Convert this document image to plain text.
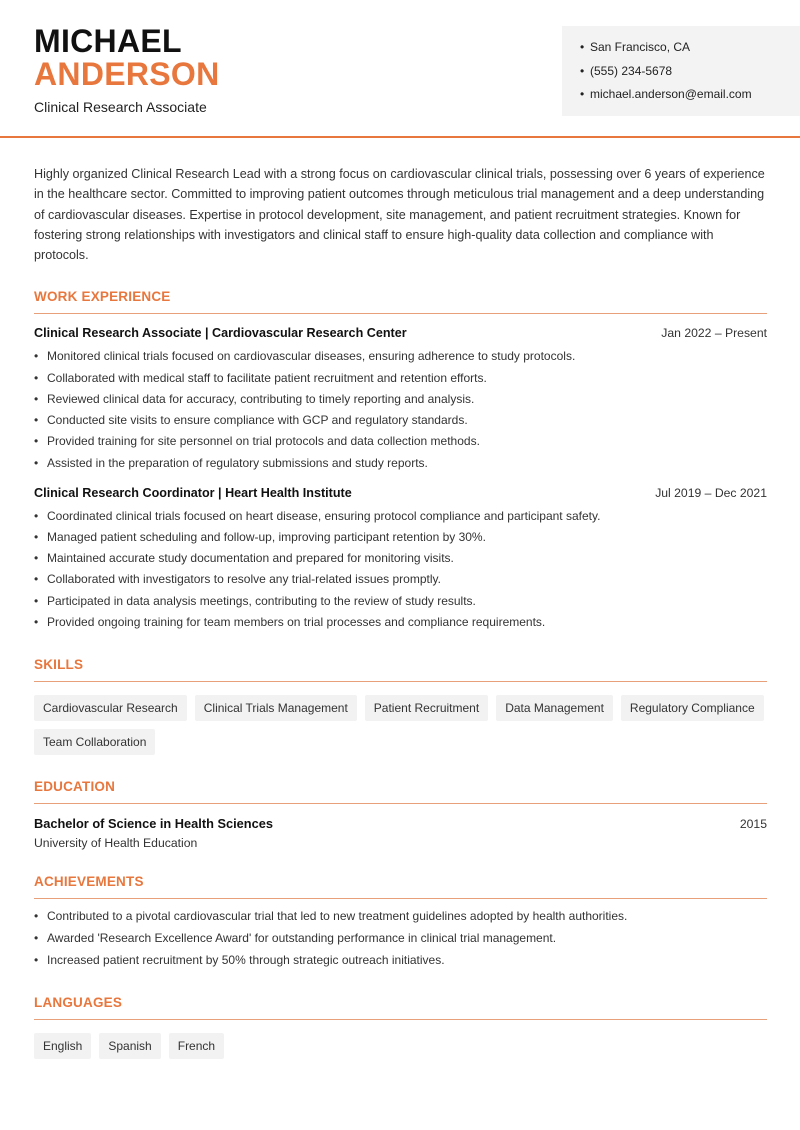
MICHAEL
ANDERSON
Clinical Research Associate
• San Francisco, CA
• (555) 234-5678
• michael.anderson@email.com

Highly organized Clinical Research Lead with a strong focus on cardiovascular clinical trials, possessing over 6 years of experience in the healthcare sector. Committed to improving patient outcomes through meticulous trial management and a deep understanding of cardiovascular diseases. Expertise in protocol development, site management, and patient recruitment strategies. Known for fostering strong relationships with investigators and clinical staff to ensure high-quality data collection and compliance with protocols.

WORK EXPERIENCE
Clinical Research Associate | Cardiovascular Research Center	Jan 2022 – Present
• Monitored clinical trials focused on cardiovascular diseases, ensuring adherence to study protocols.
• Collaborated with medical staff to facilitate patient recruitment and retention efforts.
• Reviewed clinical data for accuracy, contributing to timely reporting and analysis.
• Conducted site visits to ensure compliance with GCP and regulatory standards.
• Provided training for site personnel on trial protocols and data collection methods.
• Assisted in the preparation of regulatory submissions and study reports.
Clinical Research Coordinator | Heart Health Institute	Jul 2019 – Dec 2021
• Coordinated clinical trials focused on heart disease, ensuring protocol compliance and participant safety.
• Managed patient scheduling and follow-up, improving participant retention by 30%.
• Maintained accurate study documentation and prepared for monitoring visits.
• Collaborated with investigators to resolve any trial-related issues promptly.
• Participated in data analysis meetings, contributing to the review of study results.
• Provided ongoing training for team members on trial processes and compliance requirements.
SKILLS
Cardiovascular Research	Clinical Trials Management	Patient Recruitment	Data Management	Regulatory Compliance
Team Collaboration
EDUCATION
Bachelor of Science in Health Sciences	2015
University of Health Education
ACHIEVEMENTS
• Contributed to a pivotal cardiovascular trial that led to new treatment guidelines adopted by health authorities.
• Awarded 'Research Excellence Award' for outstanding performance in clinical trial management.
• Increased patient recruitment by 50% through strategic outreach initiatives.
LANGUAGES
English	Spanish	French
